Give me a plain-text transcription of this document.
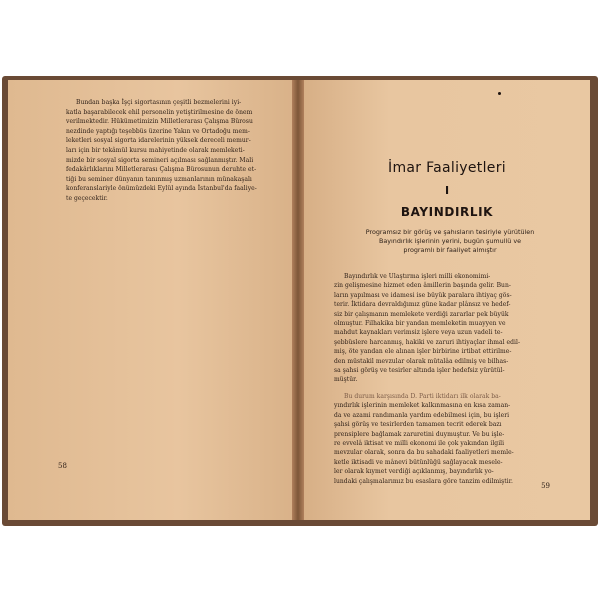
Bundan başka İşçi sigortasının çeşitli bezmelerini iyi-
katla başarabilecek ehil personelin yetiştirilmesine de önem
verilmektedir. Hükümetimizin Milletlerarası Çalışma Bürosu
nezdinde yaptığı teşebbüs üzerine Yakın ve Ortadoğu mem-
leketleri sosyal sigorta idarelerinin yüksek dereceli memur-
ları için bir tekâmül kursu mahiyetinde olarak memleketi-
mizde bir sosyal sigorta semineri açılması sağlanmıştır. Mali
fedakârlıklarını Milletlerarası Çalışma Bürosunun deruhte et-
tiği bu seminer dünyanın tanınmış uzmanlarının münakaşalı
konferanslariyle önümüzdeki Eylül ayında İstanbul'da faaliye-
te geçecektir.
58
İmar Faaliyetleri
I
BAYINDIRLIK
Programsız bir görüş ve şahısların tesiriyle yürütülen
Bayındırlık işlerinin yerini, bugün şumullü ve
programlı bir faaliyet almıştır
Bayındırlık ve Ulaştırma işleri milli ekonomimi-
zin gelişmesine hizmet eden âmillerin başında gelir. Bun-
ların yapılması ve idamesi ise büyük paralara ihtiyaç gös-
terir. İktidara devraldığımız güne kadar plânsız ve hedef-
siz bir çalışmanın memlekete verdiği zararlar pek büyük
olmuştur. Filhakika bir yandan memleketin muayyen ve
mahdut kaynakları verimsiz işlere veya uzun vadeli te-
şebbüslere harcanmış, hakiki ve zaruri ihtiyaçlar ihmal edil-
miş, öte yandan ele alınan işler birbirine irtibat ettirilme-
den müstakil mevzular olarak mütalâa edilmiş ve bilhas-
sa şahsi görüş ve tesirler altında işler hedefsiz yürütül-
müştür.
Bu durum karşısında D. Parti iktidarı ilk olarak ba-
yındırlık işlerinin memleket kalkınmasına en kısa zaman-
da ve azami randımanla yardım edebilmesi için, bu işleri
şahsi görüş ve tesirlerden tamamen tecrit ederek bazı
prensiplere bağlamak zaruretini duymuştur. Ve bu işle-
re evvelâ iktisat ve milli ekonomi ile çok yakından ilgili
mevzular olarak, sonra da bu sahadaki faaliyetleri memle-
ketle iktisadi ve mânevi bütünlüğü sağlayacak mesele-
ler olarak kıymet verdiği açıklanmış, bayındırlık yo-
lundaki çalışmalarımız bu esaslara göre tanzim edilmiştir.
59
